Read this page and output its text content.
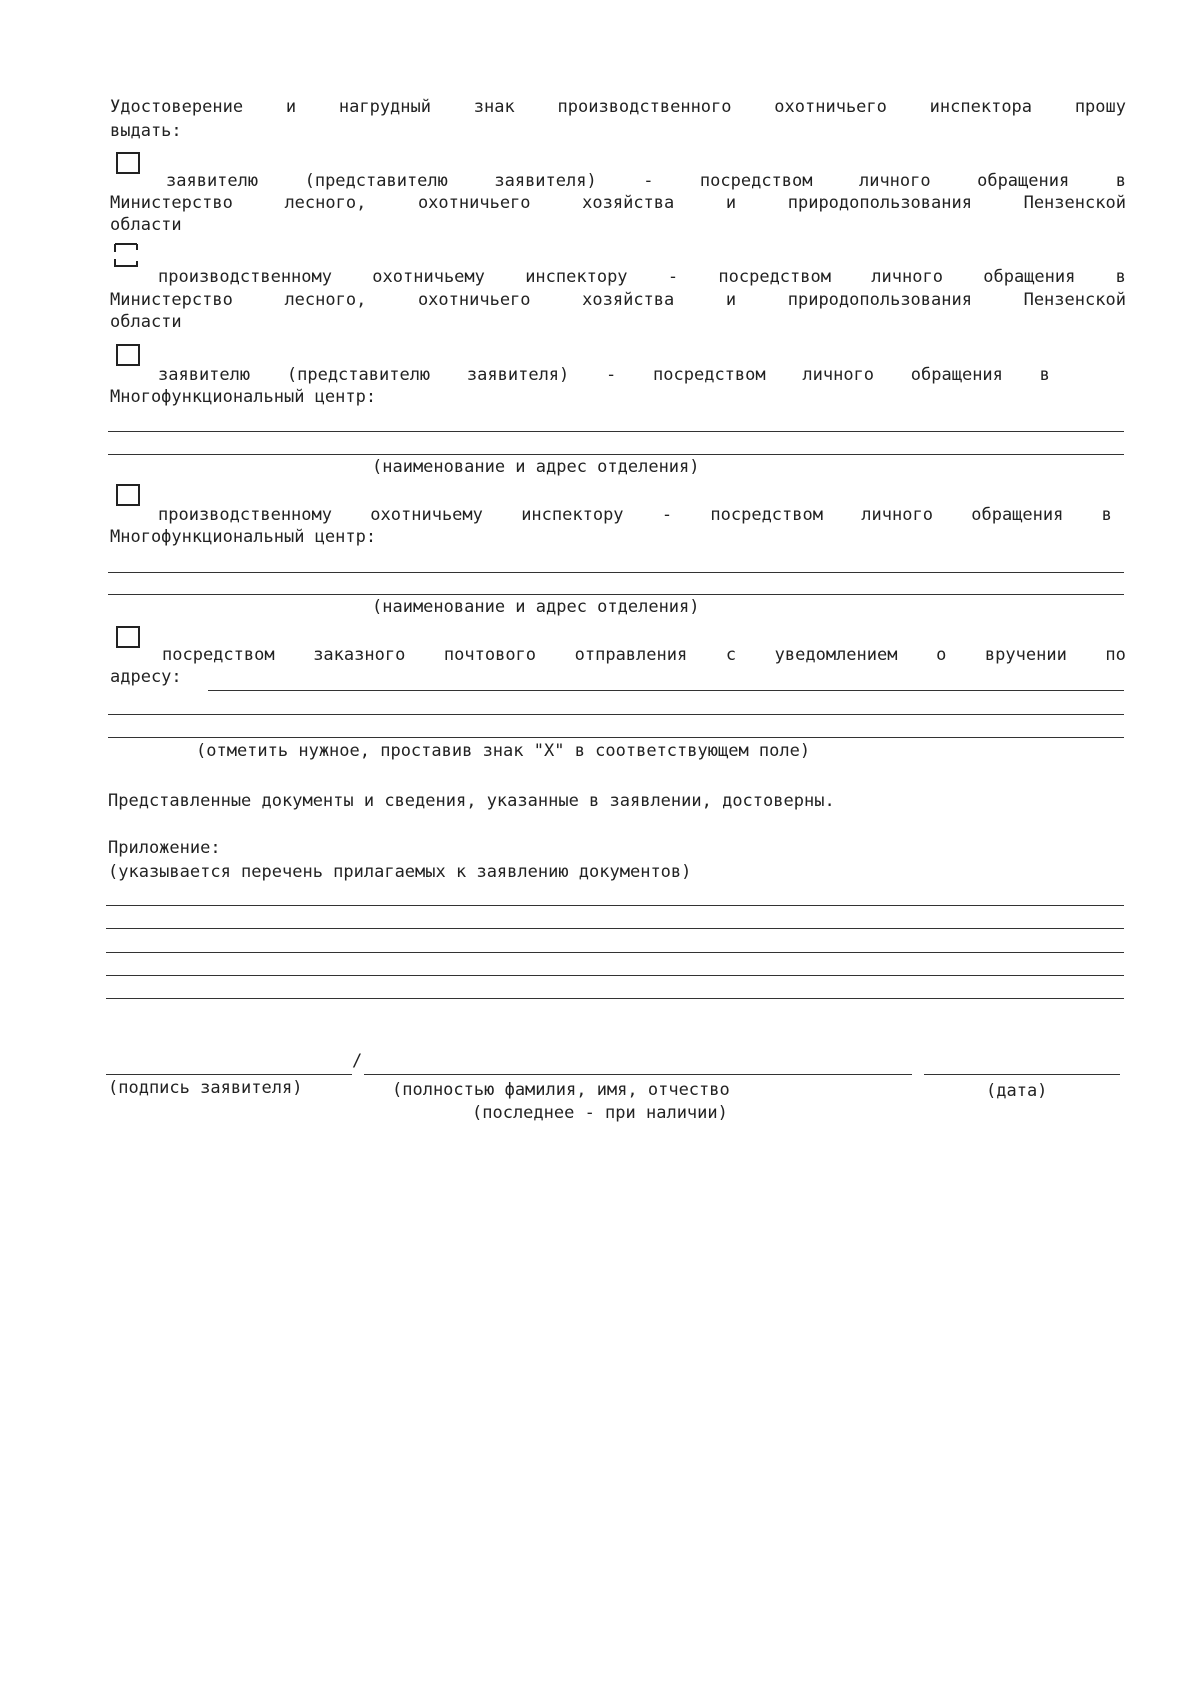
Удостоверение	и	нагрудный	знак	производственного	охотничьего	инспектора	прошу
выдать:
заявителю	(представителю	заявителя)	-	посредством	личного	обращения	в
Министерство	лесного,	охотничьего	хозяйства	и	природопользования	Пензенской
области
производственному охотничьему инспектору - посредством личного обращения в
Министерство	лесного,	охотничьего	хозяйства	и	природопользования	Пензенской
области
заявителю (представителю заявителя) - посредством личного обращения в
Многофункциональный центр:
(наименование и адрес отделения)
производственному охотничьему инспектору - посредством личного обращения в
Многофункциональный центр:
(наименование и адрес отделения)
посредством заказного почтового отправления с уведомлением о вручении по
адресу:
(отметить нужное, проставив знак "X" в соответствующем поле)
Представленные документы и сведения, указанные в заявлении, достоверны.
Приложение:
(указывается перечень прилагаемых к заявлению документов)
/
(подпись заявителя)	(полностью фамилия, имя, отчество
(последнее - при наличии)
(дата)
